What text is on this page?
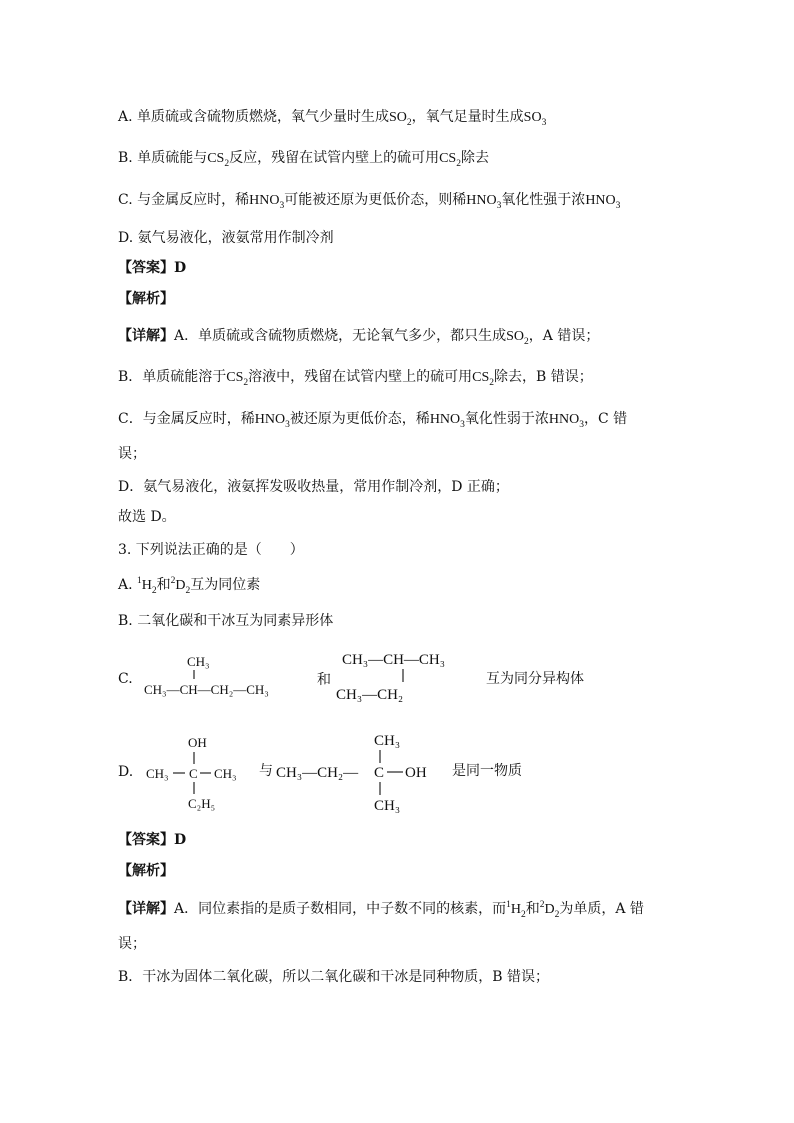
A. 单质硫或含硫物质燃烧，氧气少量时生成$SO_2$，氧气足量时生成$SO_3$
B. 单质硫能与$CS_2$反应，残留在试管内壁上的硫可用$CS_2$除去
C. 与金属反应时，稀$HNO_3$可能被还原为更低价态，则稀$HNO_3$氧化性强于浓$HNO_3$
D. 氨气易液化，液氨常用作制冷剂
【答案】D
【解析】
【详解】A．单质硫或含硫物质燃烧，无论氧气多少，都只生成$SO_2$，A 错误；
B．单质硫能溶于$CS_2$溶液中，残留在试管内壁上的硫可用$CS_2$除去，B 错误；
C．与金属反应时，稀$HNO_3$被还原为更低价态，稀$HNO_3$氧化性弱于浓$HNO_3$，C 错
误；
D．氨气易液化，液氨挥发吸收热量，常用作制冷剂，D 正确；
故选 D。
3. 下列说法正确的是（　　）
A. $^1H_2$和$^2D_2$互为同位素
B. 二氧化碳和干冰互为同素异形体
C.
CH₃
CH₃—CH—CH₂—CH₃
和
CH₃—CH—CH₃
CH₃—CH₂
互为同分异构体
D.
OH
CH₃ C CH₃
C₂H₅
与
CH₃
CH₃—CH₂— C OH
CH₃
是同一物质
【答案】D
【解析】
【详解】A．同位素指的是质子数相同，中子数不同的核素，而$^1H_2$和$^2D_2$为单质，A 错
误；
B．干冰为固体二氧化碳，所以二氧化碳和干冰是同种物质，B 错误；
